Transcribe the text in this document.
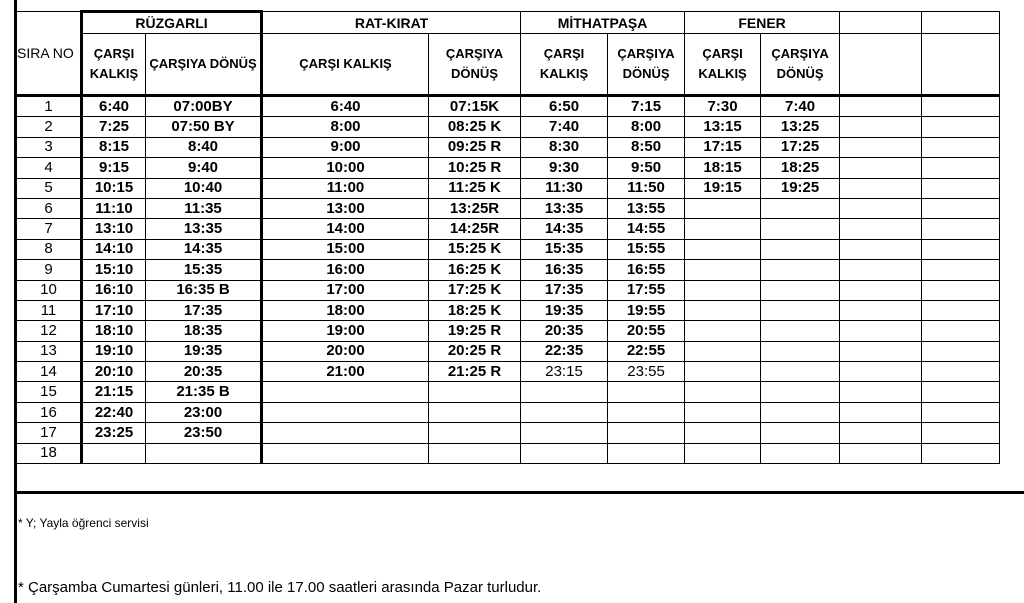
SIRA NO	RÜZGARLI		RAT-KIRAT		MİTHATPAŞA		FENER			
	ÇARŞI KALKIŞ	ÇARŞIYA DÖNÜŞ	ÇARŞI KALKIŞ	ÇARŞIYA DÖNÜŞ	ÇARŞI KALKIŞ	ÇARŞIYA DÖNÜŞ	ÇARŞI KALKIŞ	ÇARŞIYA DÖNÜŞ		
1	6:40	07:00BY	6:40	07:15K	6:50	7:15	7:30	7:40		
2	7:25	07:50 BY	8:00	08:25 K	7:40	8:00	13:15	13:25		
3	8:15	8:40	9:00	09:25 R	8:30	8:50	17:15	17:25		
4	9:15	9:40	10:00	10:25 R	9:30	9:50	18:15	18:25		
5	10:15	10:40	11:00	11:25 K	11:30	11:50	19:15	19:25		
6	11:10	11:35	13:00	13:25R	13:35	13:55				
7	13:10	13:35	14:00	14:25R	14:35	14:55				
8	14:10	14:35	15:00	15:25 K	15:35	15:55				
9	15:10	15:35	16:00	16:25 K	16:35	16:55				
10	16:10	16:35 B	17:00	17:25 K	17:35	17:55				
11	17:10	17:35	18:00	18:25 K	19:35	19:55				
12	18:10	18:35	19:00	19:25 R	20:35	20:55				
13	19:10	19:35	20:00	20:25 R	22:35	22:55				
14	20:10	20:35	21:00	21:25 R	23:15	23:55				
15	21:15	21:35 B								
16	22:40	23:00								
17	23:25	23:50								
18										
* Y; Yayla öğrenci servisi
* Çarşamba Cumartesi günleri, 11.00 ile 17.00 saatleri arasında Pazar turludur.
